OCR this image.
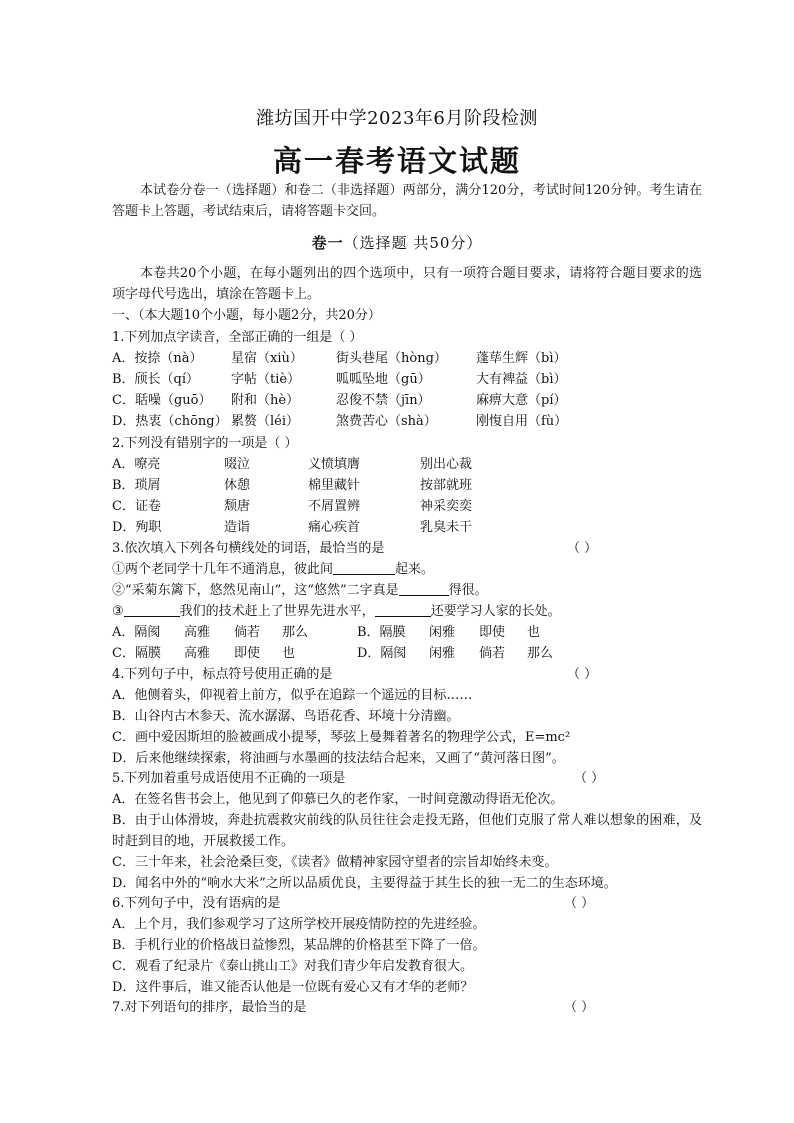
潍坊国开中学2023年6月阶段检测
高一春考语文试题
本试卷分卷一（选择题）和卷二（非选择题）两部分，满分120分，考试时间120分钟。考生请在答题卡上答题，考试结束后，请将答题卡交回。
卷一（选择题 共50分）
本卷共20个小题，在每小题列出的四个选项中，只有一项符合题目要求，请将符合题目要求的选项字母代号选出，填涂在答题卡上。
一、（本大题10个小题，每小题2分，共20分）
1.下列加点字读音，全部正确的一组是（ ）
A．按捺（nà） 星宿（xiù）	街头巷尾（hòng） 蓬荜生辉（bì）
B．颀长（qí） 字帖（tiè）	呱呱坠地（gū）	大有裨益（bì）
C．聒噪（guō） 附和（hè）	忍俊不禁（jīn）	麻痹大意（pí）
D．热衷（chōng） 累赘（léi）	煞费苦心（shà）	刚愎自用（fù）
2.下列没有错别字的一项是（ ）
A．嘹亮	啜泣	义愤填膺	别出心裁
B．琐屑	休憩	棉里藏针	按部就班
C．证卷	颓唐	不屑置辨	神采奕奕
D．殉职	造诣	痛心疾首	乳臭未干
3.依次填入下列各句横线处的词语，最恰当的是	（ ）
①两个老同学十几年不通消息，彼此间	起来。
②“采菊东篱下，悠然见南山”，这“悠然”二字真是	得很。
③	我们的技术赶上了世界先进水平，	还要学习人家的长处。
A．隔阂 高雅 倘若 那么	B．隔膜 闲雅 即使 也
C．隔膜 高雅 即使 也	D．隔阂 闲雅 倘若 那么
4.下列句子中，标点符号使用正确的是	（ ）
A．他侧着头，仰视着上前方，似乎在追踪一个遥远的目标……
B．山谷内古木参天、流水潺潺、鸟语花香、环境十分清幽。
C．画中爱因斯坦的脸被画成小提琴，琴弦上曼舞着著名的物理学公式，E=mc²
D．后来他继续探索，将油画与水墨画的技法结合起来，又画了“黄河落日图”。
5.下列加着重号成语使用不正确的一项是	（ ）
A．在签名售书会上，他见到了仰慕已久的老作家，一时间竟激动得语无伦次。
B．由于山体滑坡，奔赴抗震救灾前线的队员往往会走投无路，但他们克服了常人难以想象的困难，及时赶到目的地，开展救援工作。
C．三十年来，社会沧桑巨变，《读者》做精神家园守望者的宗旨却始终未变。
D．闻名中外的“响水大米”之所以品质优良，主要得益于其生长的独一无二的生态环境。
6.下列句子中，没有语病的是	（ ）
A．上个月，我们参观学习了这所学校开展疫情防控的先进经验。
B．手机行业的价格战日益惨烈，某品牌的价格甚至下降了一倍。
C．观看了纪录片《泰山挑山工》对我们青少年启发教育很大。
D．这件事后，谁又能否认他是一位既有爱心又有才华的老师？
7.对下列语句的排序，最恰当的是	（ ）
